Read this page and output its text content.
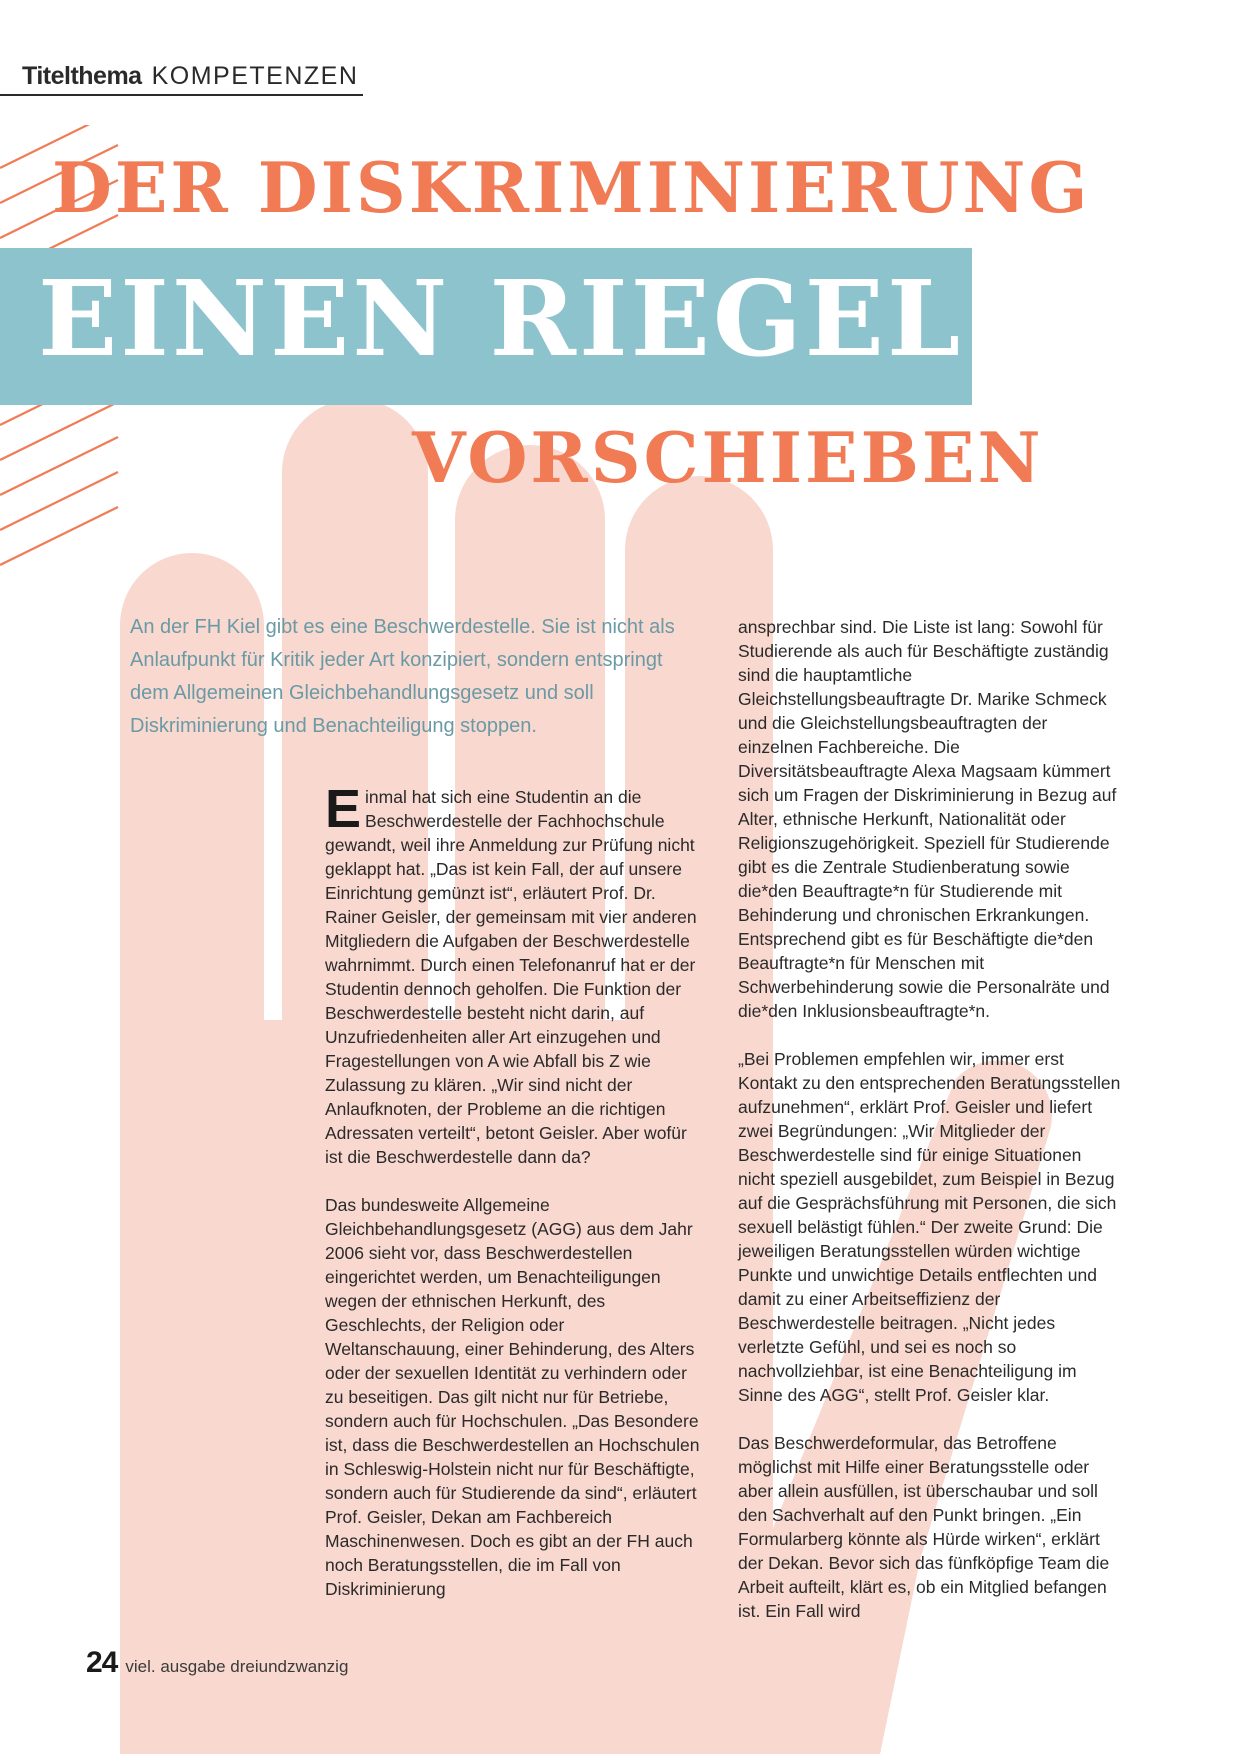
Titelthema KOMPETENZEN
DER DISKRIMINIERUNG
EINEN RIEGEL
VORSCHIEBEN
An der FH Kiel gibt es eine Beschwerdestelle. Sie ist nicht als Anlaufpunkt für Kritik jeder Art konzipiert, sondern entspringt dem Allgemeinen Gleichbehandlungsgesetz und soll Diskriminierung und Benachteiligung stoppen.

Einmal hat sich eine Studentin an die Beschwerdestelle der Fachhochschule gewandt, weil ihre Anmeldung zur Prüfung nicht geklappt hat. „Das ist kein Fall, der auf unsere Einrichtung gemünzt ist“, erläutert Prof. Dr. Rainer Geisler, der gemeinsam mit vier anderen Mitgliedern die Aufgaben der Beschwerdestelle wahrnimmt. Durch einen Telefonanruf hat er der Studentin dennoch geholfen. Die Funktion der Beschwerdestelle besteht nicht darin, auf Unzufriedenheiten aller Art einzugehen und Fragestellungen von A wie Abfall bis Z wie Zulassung zu klären. „Wir sind nicht der Anlaufknoten, der Probleme an die richtigen Adressaten verteilt“, betont Geisler. Aber wofür ist die Beschwerdestelle dann da?

Das bundesweite Allgemeine Gleichbehandlungsgesetz (AGG) aus dem Jahr 2006 sieht vor, dass Beschwerdestellen eingerichtet werden, um Benachteiligungen wegen der ethnischen Herkunft, des Geschlechts, der Religion oder Weltanschauung, einer Behinderung, des Alters oder der sexuellen Identität zu verhindern oder zu beseitigen. Das gilt nicht nur für Betriebe, sondern auch für Hochschulen. „Das Besondere ist, dass die Beschwerdestellen an Hochschulen in Schleswig-Holstein nicht nur für Beschäftigte, sondern auch für Studierende da sind“, erläutert Prof. Geisler, Dekan am Fachbereich Maschinenwesen. Doch es gibt an der FH auch noch Beratungsstellen, die im Fall von Diskriminierung

ansprechbar sind. Die Liste ist lang: Sowohl für Studierende als auch für Beschäftigte zuständig sind die hauptamtliche Gleichstellungsbeauftragte Dr. Marike Schmeck und die Gleichstellungsbeauftragten der einzelnen Fachbereiche. Die Diversitätsbeauftragte Alexa Magsaam kümmert sich um Fragen der Diskriminierung in Bezug auf Alter, ethnische Herkunft, Nationalität oder Religionszugehörigkeit. Speziell für Studierende gibt es die Zentrale Studienberatung sowie die*den Beauftragte*n für Studierende mit Behinderung und chronischen Erkrankungen. Entsprechend gibt es für Beschäftigte die*den Beauftragte*n für Menschen mit Schwerbehinderung sowie die Personalräte und die*den Inklusionsbeauftragte*n.

„Bei Problemen empfehlen wir, immer erst Kontakt zu den entsprechenden Beratungsstellen aufzunehmen“, erklärt Prof. Geisler und liefert zwei Begründungen: „Wir Mitglieder der Beschwerdestelle sind für einige Situationen nicht speziell ausgebildet, zum Beispiel in Bezug auf die Gesprächsführung mit Personen, die sich sexuell belästigt fühlen.“ Der zweite Grund: Die jeweiligen Beratungsstellen würden wichtige Punkte und unwichtige Details entflechten und damit zu einer Arbeitseffizienz der Beschwerdestelle beitragen. „Nicht jedes verletzte Gefühl, und sei es noch so nachvollziehbar, ist eine Benachteiligung im Sinne des AGG“, stellt Prof. Geisler klar.

Das Beschwerdeformular, das Betroffene möglichst mit Hilfe einer Beratungsstelle oder aber allein ausfüllen, ist überschaubar und soll den Sachverhalt auf den Punkt bringen. „Ein Formularberg könnte als Hürde wirken“, erklärt der Dekan. Bevor sich das fünfköpfige Team die Arbeit aufteilt, klärt es, ob ein Mitglied befangen ist. Ein Fall wird

24 viel. ausgabe dreiundzwanzig
